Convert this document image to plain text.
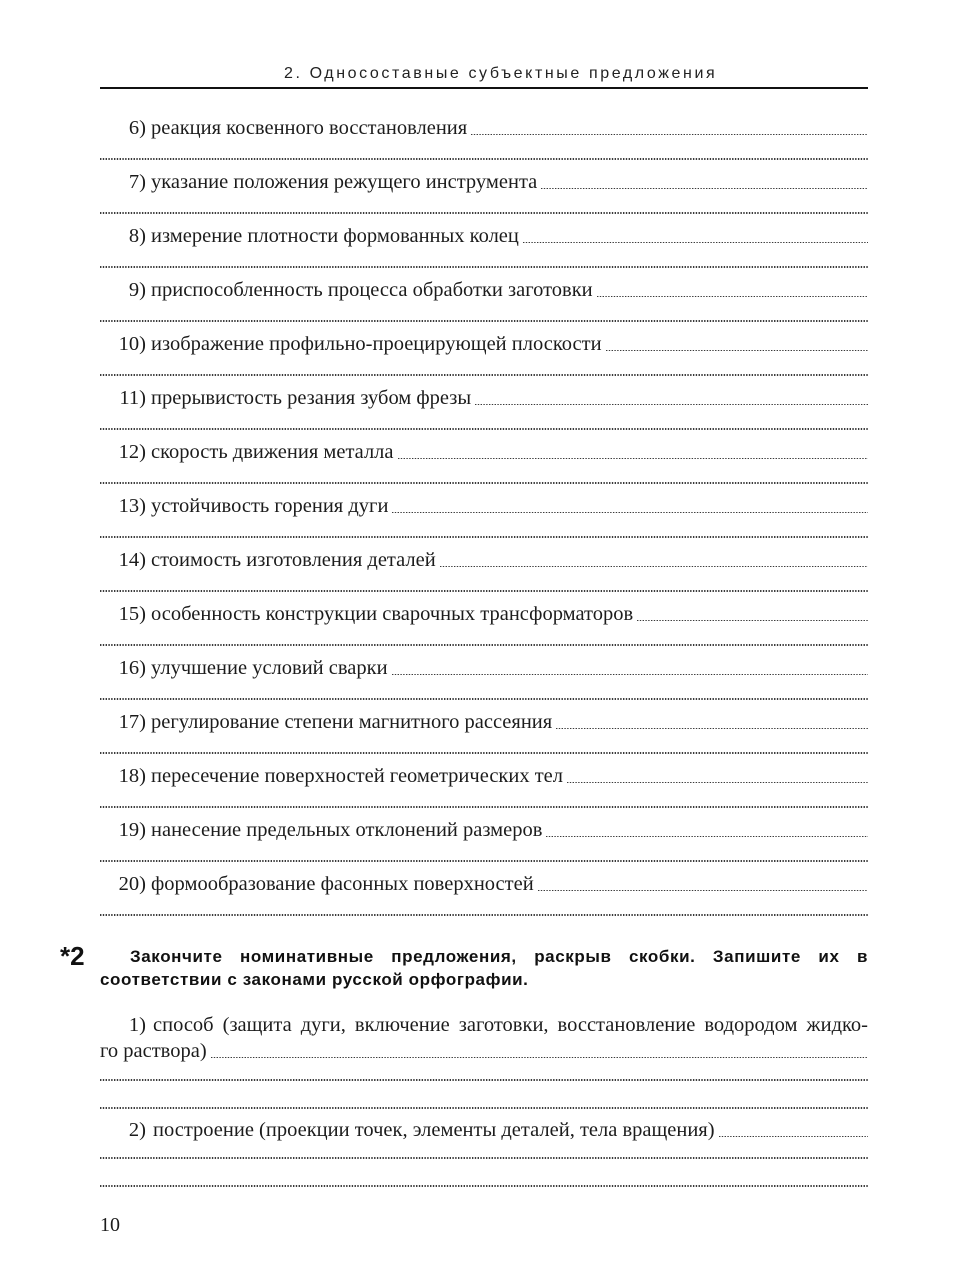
2. Односоставные субъектные предложения
6) реакция косвенного восстановления
7) указание положения режущего инструмента
8) измерение плотности формованных колец
9) приспособленность процесса обработки заготовки
10) изображение профильно-проецирующей плоскости
11) прерывистость резания зубом фрезы
12) скорость движения металла
13) устойчивость горения дуги
14) стоимость изготовления деталей
15) особенность конструкции сварочных трансформаторов
16) улучшение условий сварки
17) регулирование степени магнитного рассеяния
18) пересечение поверхностей геометрических тел
19) нанесение предельных отклонений размеров
20) формообразование фасонных поверхностей
*2	Закончите номинативные предложения, раскрыв скобки. Запишите их в
соответствии с законами русской орфографии.
1) способ (защита дуги, включение заготовки, восстановление водородом жидко-
го раствора)
2) построение (проекции точек, элементы деталей, тела вращения)
10
